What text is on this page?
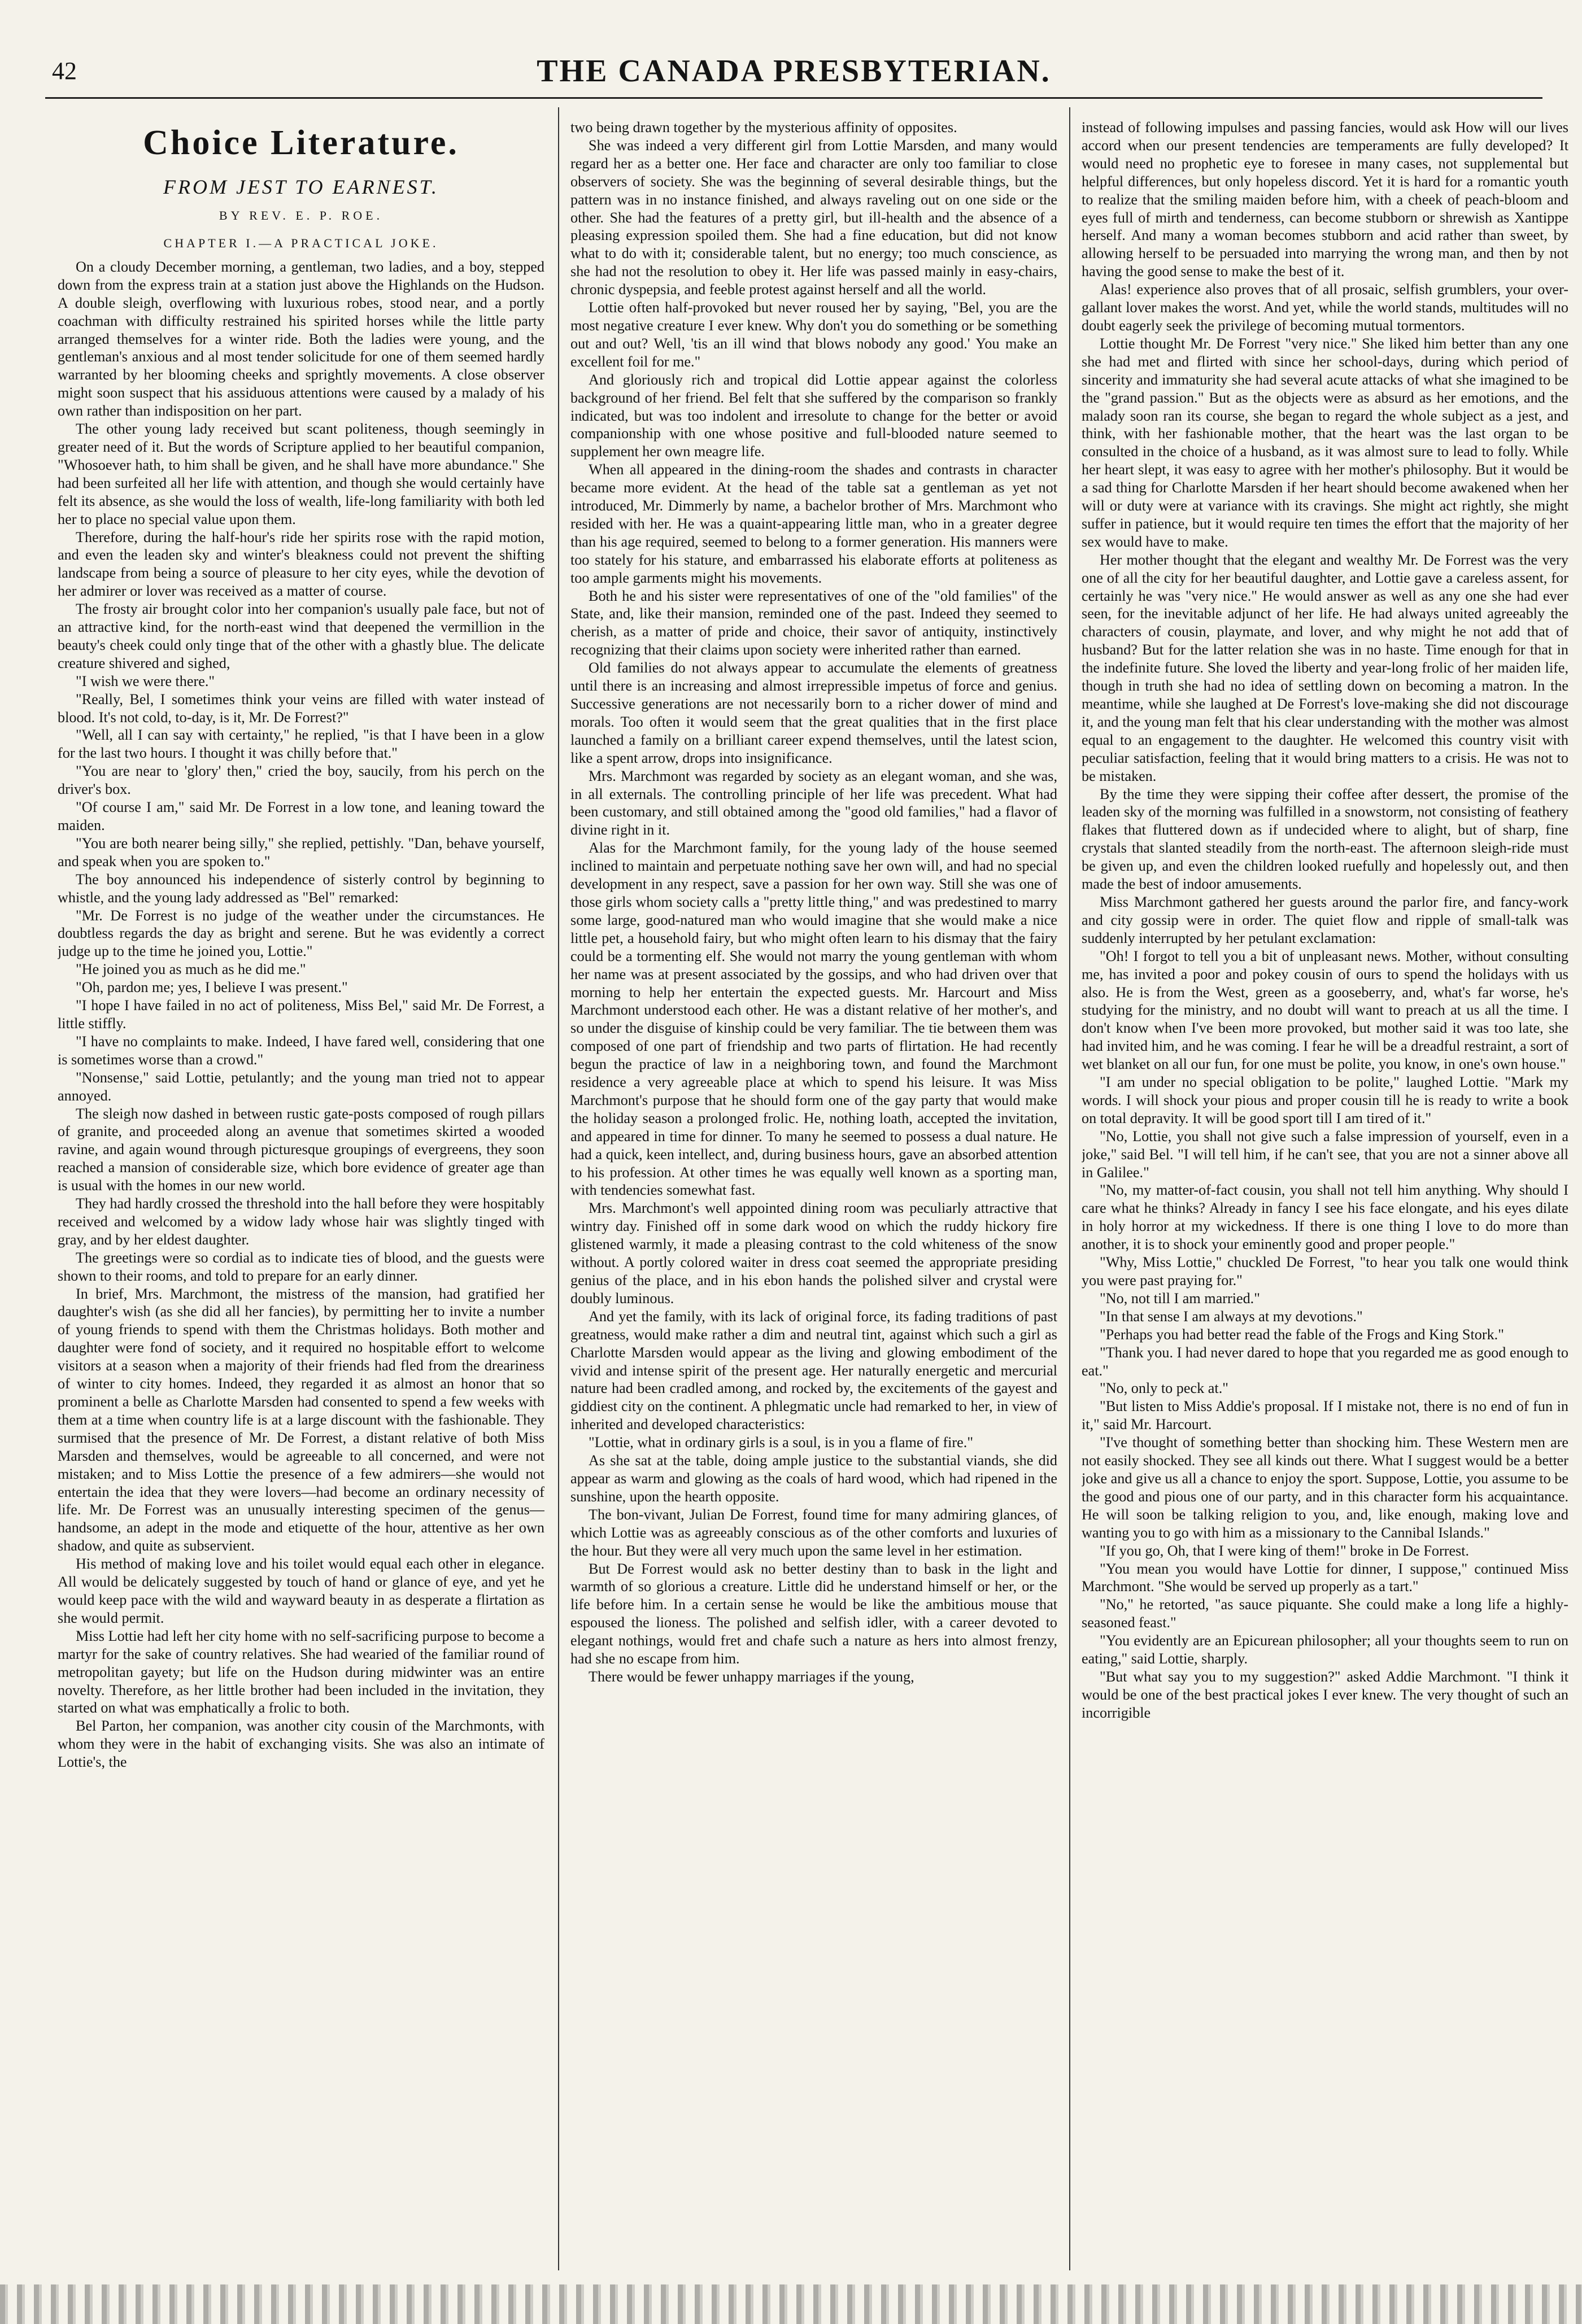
42	THE CANADA PRESBYTERIAN.
Choice Literature.
FROM JEST TO EARNEST.
BY REV. E. P. ROE.
CHAPTER I.—A PRACTICAL JOKE.

On a cloudy December morning, a gentleman, two ladies, and a boy, stepped down from the express train at a station just above the Highlands on the Hudson. A double sleigh, overflowing with luxurious robes, stood near, and a portly coachman with difficulty restrained his spirited horses while the little party arranged themselves for a winter ride. Both the ladies were young, and the gentleman's anxious and al most tender solicitude for one of them seemed hardly warranted by her blooming cheeks and sprightly movements. A close observer might soon suspect that his assiduous attentions were caused by a malady of his own rather than indisposition on her part.

The other young lady received but scant politeness, though seemingly in greater need of it. But the words of Scripture applied to her beautiful companion, "Whosoever hath, to him shall be given, and he shall have more abundance." She had been surfeited all her life with attention, and though she would certainly have felt its absence, as she would the loss of wealth, life-long familiarity with both led her to place no special value upon them.

Therefore, during the half-hour's ride her spirits rose with the rapid motion, and even the leaden sky and winter's bleakness could not prevent the shifting landscape from being a source of pleasure to her city eyes, while the devotion of her admirer or lover was received as a matter of course.

The frosty air brought color into her companion's usually pale face, but not of an attractive kind, for the north-east wind that deepened the vermillion in the beauty's cheek could only tinge that of the other with a ghastly blue. The delicate creature shivered and sighed,

"I wish we were there."

"Really, Bel, I sometimes think your veins are filled with water instead of blood. It's not cold, to-day, is it, Mr. De Forrest?"

"Well, all I can say with certainty," he replied, "is that I have been in a glow for the last two hours. I thought it was chilly before that."

"You are near to 'glory' then," cried the boy, saucily, from his perch on the driver's box.

"Of course I am," said Mr. De Forrest in a low tone, and leaning toward the maiden.

"You are both nearer being silly," she replied, pettishly. "Dan, behave yourself, and speak when you are spoken to."

The boy announced his independence of sisterly control by beginning to whistle, and the young lady addressed as "Bel" remarked:

"Mr. De Forrest is no judge of the weather under the circumstances. He doubtless regards the day as bright and serene. But he was evidently a correct judge up to the time he joined you, Lottie."

"He joined you as much as he did me."

"Oh, pardon me; yes, I believe I was present."

"I hope I have failed in no act of politeness, Miss Bel," said Mr. De Forrest, a little stiffly.

"I have no complaints to make. Indeed, I have fared well, considering that one is sometimes worse than a crowd."

"Nonsense," said Lottie, petulantly; and the young man tried not to appear annoyed.

The sleigh now dashed in between rustic gate-posts composed of rough pillars of granite, and proceeded along an avenue that sometimes skirted a wooded ravine, and again wound through picturesque groupings of evergreens, they soon reached a mansion of considerable size, which bore evidence of greater age than is usual with the homes in our new world.

They had hardly crossed the threshold into the hall before they were hospitably received and welcomed by a widow lady whose hair was slightly tinged with gray, and by her eldest daughter.

The greetings were so cordial as to indicate ties of blood, and the guests were shown to their rooms, and told to prepare for an early dinner.

In brief, Mrs. Marchmont, the mistress of the mansion, had gratified her daughter's wish (as she did all her fancies), by permitting her to invite a number of young friends to spend with them the Christmas holidays. Both mother and daughter were fond of society, and it required no hospitable effort to welcome visitors at a season when a majority of their friends had fled from the dreariness of winter to city homes. Indeed, they regarded it as almost an honor that so prominent a belle as Charlotte Marsden had consented to spend a few weeks with them at a time when country life is at a large discount with the fashionable. They surmised that the presence of Mr. De Forrest, a distant relative of both Miss Marsden and themselves, would be agreeable to all concerned, and were not mistaken; and to Miss Lottie the presence of a few admirers—she would not entertain the idea that they were lovers—had become an ordinary necessity of life. Mr. De Forrest was an unusually interesting specimen of the genus—handsome, an adept in the mode and etiquette of the hour, attentive as her own shadow, and quite as subservient.

His method of making love and his toilet would equal each other in elegance. All would be delicately suggested by touch of hand or glance of eye, and yet he would keep pace with the wild and wayward beauty in as desperate a flirtation as she would permit.

Miss Lottie had left her city home with no self-sacrificing purpose to become a martyr for the sake of country relatives. She had wearied of the familiar round of metropolitan gayety; but life on the Hudson during midwinter was an entire novelty. Therefore, as her little brother had been included in the invitation, they started on what was emphatically a frolic to both.

Bel Parton, her companion, was another city cousin of the Marchmonts, with whom they were in the habit of exchanging visits. She was also an intimate of Lottie's, the

two being drawn together by the mysterious affinity of opposites.

She was indeed a very different girl from Lottie Marsden, and many would regard her as a better one. Her face and character are only too familiar to close observers of society. She was the beginning of several desirable things, but the pattern was in no instance finished, and always raveling out on one side or the other. She had the features of a pretty girl, but ill-health and the absence of a pleasing expression spoiled them. She had a fine education, but did not know what to do with it; considerable talent, but no energy; too much conscience, as she had not the resolution to obey it. Her life was passed mainly in easy-chairs, chronic dyspepsia, and feeble protest against herself and all the world.

Lottie often half-provoked but never roused her by saying, "Bel, you are the most negative creature I ever knew. Why don't you do something or be something out and out? Well, 'tis an ill wind that blows nobody any good.' You make an excellent foil for me."

And gloriously rich and tropical did Lottie appear against the colorless background of her friend. Bel felt that she suffered by the comparison so frankly indicated, but was too indolent and irresolute to change for the better or avoid companionship with one whose positive and full-blooded nature seemed to supplement her own meagre life.

When all appeared in the dining-room the shades and contrasts in character became more evident. At the head of the table sat a gentleman as yet not introduced, Mr. Dimmerly by name, a bachelor brother of Mrs. Marchmont who resided with her. He was a quaint-appearing little man, who in a greater degree than his age required, seemed to belong to a former generation. His manners were too stately for his stature, and embarrassed his elaborate efforts at politeness as too ample garments might his movements.

Both he and his sister were representatives of one of the "old families" of the State, and, like their mansion, reminded one of the past. Indeed they seemed to cherish, as a matter of pride and choice, their savor of antiquity, instinctively recognizing that their claims upon society were inherited rather than earned.

Old families do not always appear to accumulate the elements of greatness until there is an increasing and almost irrepressible impetus of force and genius. Successive generations are not necessarily born to a richer dower of mind and morals. Too often it would seem that the great qualities that in the first place launched a family on a brilliant career expend themselves, until the latest scion, like a spent arrow, drops into insignificance.

Mrs. Marchmont was regarded by society as an elegant woman, and she was, in all externals. The controlling principle of her life was precedent. What had been customary, and still obtained among the "good old families," had a flavor of divine right in it.

Alas for the Marchmont family, for the young lady of the house seemed inclined to maintain and perpetuate nothing save her own will, and had no special development in any respect, save a passion for her own way. Still she was one of those girls whom society calls a "pretty little thing," and was predestined to marry some large, good-natured man who would imagine that she would make a nice little pet, a household fairy, but who might often learn to his dismay that the fairy could be a tormenting elf. She would not marry the young gentleman with whom her name was at present associated by the gossips, and who had driven over that morning to help her entertain the expected guests. Mr. Harcourt and Miss Marchmont understood each other. He was a distant relative of her mother's, and so under the disguise of kinship could be very familiar. The tie between them was composed of one part of friendship and two parts of flirtation. He had recently begun the practice of law in a neighboring town, and found the Marchmont residence a very agreeable place at which to spend his leisure. It was Miss Marchmont's purpose that he should form one of the gay party that would make the holiday season a prolonged frolic. He, nothing loath, accepted the invitation, and appeared in time for dinner. To many he seemed to possess a dual nature. He had a quick, keen intellect, and, during business hours, gave an absorbed attention to his profession. At other times he was equally well known as a sporting man, with tendencies somewhat fast.

Mrs. Marchmont's well appointed dining room was peculiarly attractive that wintry day. Finished off in some dark wood on which the ruddy hickory fire glistened warmly, it made a pleasing contrast to the cold whiteness of the snow without. A portly colored waiter in dress coat seemed the appropriate presiding genius of the place, and in his ebon hands the polished silver and crystal were doubly luminous.

And yet the family, with its lack of original force, its fading traditions of past greatness, would make rather a dim and neutral tint, against which such a girl as Charlotte Marsden would appear as the living and glowing embodiment of the vivid and intense spirit of the present age. Her naturally energetic and mercurial nature had been cradled among, and rocked by, the excitements of the gayest and giddiest city on the continent. A phlegmatic uncle had remarked to her, in view of inherited and developed characteristics:

"Lottie, what in ordinary girls is a soul, is in you a flame of fire."

As she sat at the table, doing ample justice to the substantial viands, she did appear as warm and glowing as the coals of hard wood, which had ripened in the sunshine, upon the hearth opposite.

The bon-vivant, Julian De Forrest, found time for many admiring glances, of which Lottie was as agreeably conscious as of the other comforts and luxuries of the hour. But they were all very much upon the same level in her estimation.

But De Forrest would ask no better destiny than to bask in the light and warmth of so glorious a creature. Little did he understand himself or her, or the life before him. In a certain sense he would be like the ambitious mouse that espoused the lioness. The polished and selfish idler, with a career devoted to elegant nothings, would fret and chafe such a nature as hers into almost frenzy, had she no escape from him.

There would be fewer unhappy marriages if the young,

instead of following impulses and passing fancies, would ask How will our lives accord when our present tendencies are temperaments are fully developed? It would need no prophetic eye to foresee in many cases, not supplemental but helpful differences, but only hopeless discord. Yet it is hard for a romantic youth to realize that the smiling maiden before him, with a cheek of peach-bloom and eyes full of mirth and tenderness, can become stubborn or shrewish as Xantippe herself. And many a woman becomes stubborn and acid rather than sweet, by allowing herself to be persuaded into marrying the wrong man, and then by not having the good sense to make the best of it.

Alas! experience also proves that of all prosaic, selfish grumblers, your over-gallant lover makes the worst. And yet, while the world stands, multitudes will no doubt eagerly seek the privilege of becoming mutual tormentors.

Lottie thought Mr. De Forrest "very nice." She liked him better than any one she had met and flirted with since her school-days, during which period of sincerity and immaturity she had several acute attacks of what she imagined to be the "grand passion." But as the objects were as absurd as her emotions, and the malady soon ran its course, she began to regard the whole subject as a jest, and think, with her fashionable mother, that the heart was the last organ to be consulted in the choice of a husband, as it was almost sure to lead to folly. While her heart slept, it was easy to agree with her mother's philosophy. But it would be a sad thing for Charlotte Marsden if her heart should become awakened when her will or duty were at variance with its cravings. She might act rightly, she might suffer in patience, but it would require ten times the effort that the majority of her sex would have to make.

Her mother thought that the elegant and wealthy Mr. De Forrest was the very one of all the city for her beautiful daughter, and Lottie gave a careless assent, for certainly he was "very nice." He would answer as well as any one she had ever seen, for the inevitable adjunct of her life. He had always united agreeably the characters of cousin, playmate, and lover, and why might he not add that of husband? But for the latter relation she was in no haste. Time enough for that in the indefinite future. She loved the liberty and year-long frolic of her maiden life, though in truth she had no idea of settling down on becoming a matron. In the meantime, while she laughed at De Forrest's love-making she did not discourage it, and the young man felt that his clear understanding with the mother was almost equal to an engagement to the daughter. He welcomed this country visit with peculiar satisfaction, feeling that it would bring matters to a crisis. He was not to be mistaken.

By the time they were sipping their coffee after dessert, the promise of the leaden sky of the morning was fulfilled in a snowstorm, not consisting of feathery flakes that fluttered down as if undecided where to alight, but of sharp, fine crystals that slanted steadily from the north-east. The afternoon sleigh-ride must be given up, and even the children looked ruefully and hopelessly out, and then made the best of indoor amusements.

Miss Marchmont gathered her guests around the parlor fire, and fancy-work and city gossip were in order. The quiet flow and ripple of small-talk was suddenly interrupted by her petulant exclamation:

"Oh! I forgot to tell you a bit of unpleasant news. Mother, without consulting me, has invited a poor and pokey cousin of ours to spend the holidays with us also. He is from the West, green as a gooseberry, and, what's far worse, he's studying for the ministry, and no doubt will want to preach at us all the time. I don't know when I've been more provoked, but mother said it was too late, she had invited him, and he was coming. I fear he will be a dreadful restraint, a sort of wet blanket on all our fun, for one must be polite, you know, in one's own house."

"I am under no special obligation to be polite," laughed Lottie. "Mark my words. I will shock your pious and proper cousin till he is ready to write a book on total depravity. It will be good sport till I am tired of it."

"No, Lottie, you shall not give such a false impression of yourself, even in a joke," said Bel. "I will tell him, if he can't see, that you are not a sinner above all in Galilee."

"No, my matter-of-fact cousin, you shall not tell him anything. Why should I care what he thinks? Already in fancy I see his face elongate, and his eyes dilate in holy horror at my wickedness. If there is one thing I love to do more than another, it is to shock your eminently good and proper people."

"Why, Miss Lottie," chuckled De Forrest, "to hear you talk one would think you were past praying for."

"No, not till I am married."

"In that sense I am always at my devotions."

"Perhaps you had better read the fable of the Frogs and King Stork."

"Thank you. I had never dared to hope that you regarded me as good enough to eat."

"No, only to peck at."

"But listen to Miss Addie's proposal. If I mistake not, there is no end of fun in it," said Mr. Harcourt.

"I've thought of something better than shocking him. These Western men are not easily shocked. They see all kinds out there. What I suggest would be a better joke and give us all a chance to enjoy the sport. Suppose, Lottie, you assume to be the good and pious one of our party, and in this character form his acquaintance. He will soon be talking religion to you, and, like enough, making love and wanting you to go with him as a missionary to the Cannibal Islands."

"If you go, Oh, that I were king of them!" broke in De Forrest.

"You mean you would have Lottie for dinner, I suppose," continued Miss Marchmont. "She would be served up properly as a tart."

"No," he retorted, "as sauce piquante. She could make a long life a highly-seasoned feast."

"You evidently are an Epicurean philosopher; all your thoughts seem to run on eating," said Lottie, sharply.

"But what say you to my suggestion?" asked Addie Marchmont. "I think it would be one of the best practical jokes I ever knew. The very thought of such an incorrigible
